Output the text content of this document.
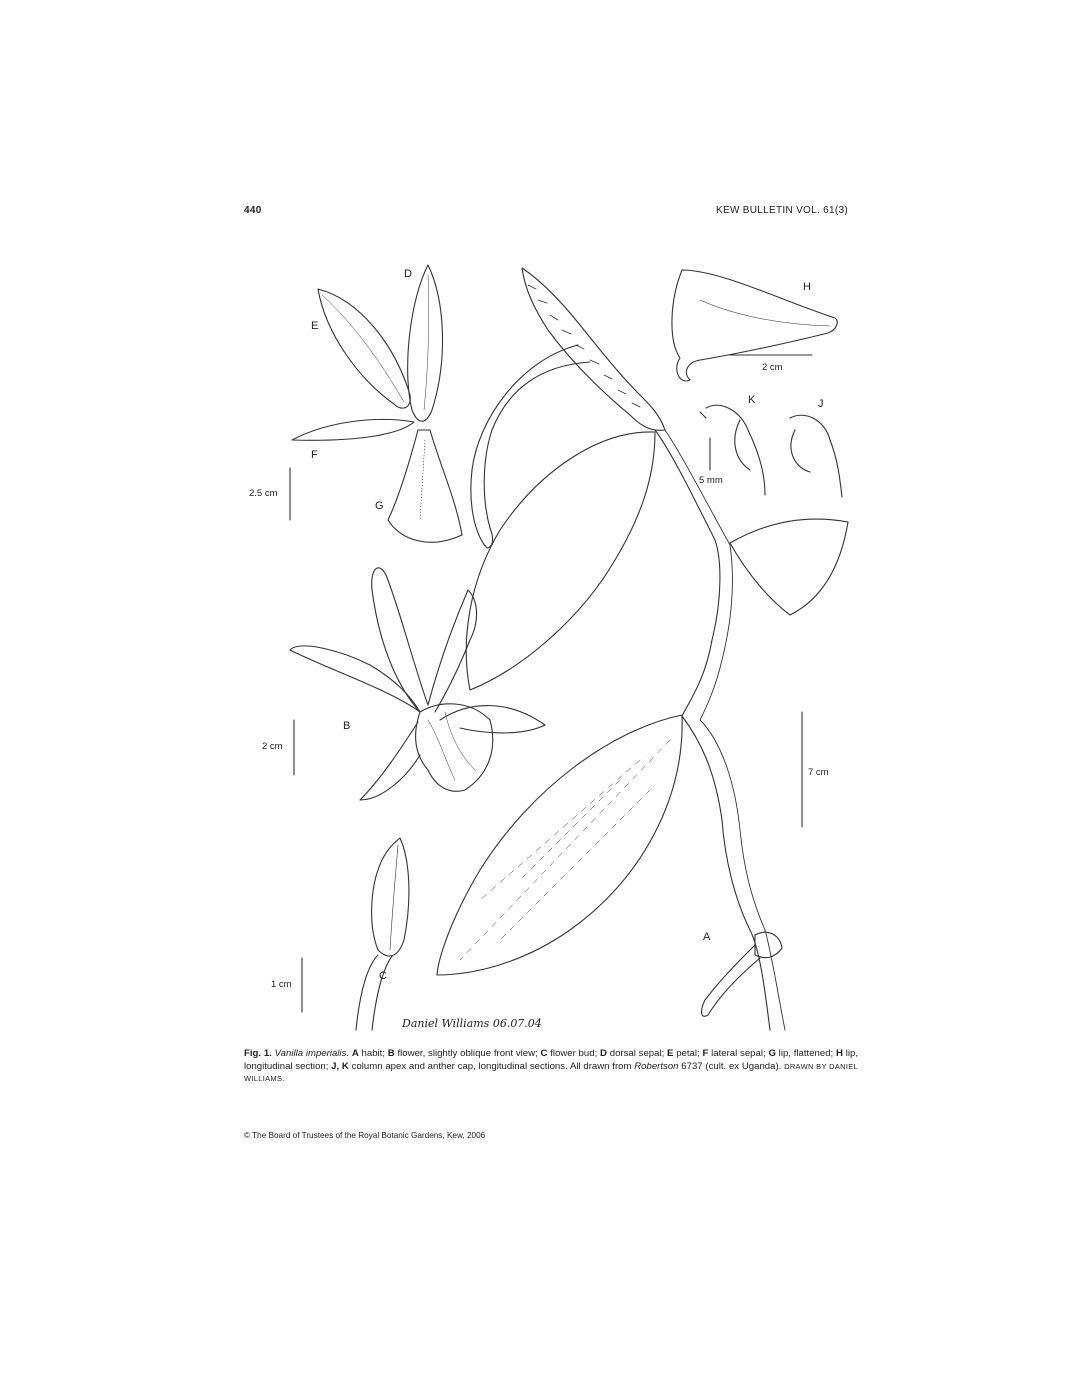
440	KEW BULLETIN VOL. 61(3)
D
E
F
G
H
K	J
B
C
A
2.5 cm
2 cm
1 cm
2 cm
5 mm
7 cm
Daniel Williams 06.07.04
Fig. 1. Vanilla imperialis. A habit; B flower, slightly oblique front view; C flower bud; D dorsal sepal; E petal; F lateral sepal; G lip, flattened; H lip, longitudinal section; J, K column apex and anther cap, longitudinal sections. All drawn from Robertson 6737 (cult. ex Uganda). DRAWN BY DANIEL WILLIAMS.
© The Board of Trustees of the Royal Botanic Gardens, Kew, 2006
